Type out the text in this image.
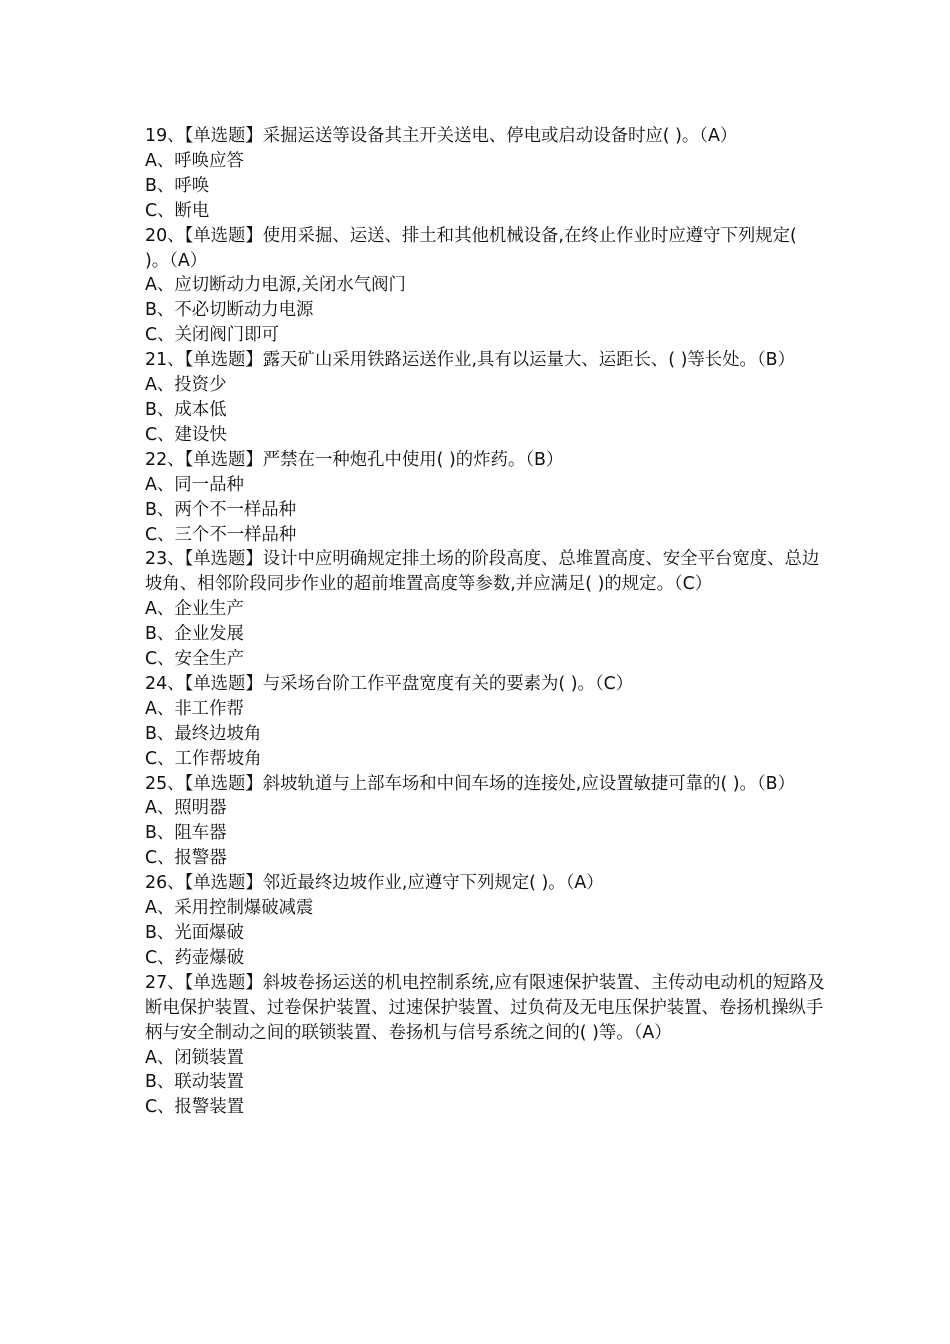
19、【单选题】采掘运送等设备其主开关送电、停电或启动设备时应( )。（A）

A、呼唤应答

B、呼唤

C、断电

20、【单选题】使用采掘、运送、排土和其他机械设备,在终止作业时应遵守下列规定( )。（A）

A、应切断动力电源,关闭水气阀门

B、不必切断动力电源

C、关闭阀门即可

21、【单选题】露天矿山采用铁路运送作业,具有以运量大、运距长、( )等长处。（B）

A、投资少

B、成本低

C、建设快

22、【单选题】严禁在一种炮孔中使用( )的炸药。（B）

A、同一品种

B、两个不一样品种

C、三个不一样品种

23、【单选题】设计中应明确规定排土场的阶段高度、总堆置高度、安全平台宽度、总边坡角、相邻阶段同步作业的超前堆置高度等参数,并应满足( )的规定。（C）

A、企业生产

B、企业发展

C、安全生产

24、【单选题】与采场台阶工作平盘宽度有关的要素为( )。（C）

A、非工作帮

B、最终边坡角

C、工作帮坡角

25、【单选题】斜坡轨道与上部车场和中间车场的连接处,应设置敏捷可靠的( )。（B）

A、照明器

B、阻车器

C、报警器

26、【单选题】邻近最终边坡作业,应遵守下列规定( )。（A）

A、采用控制爆破减震

B、光面爆破

C、药壶爆破

27、【单选题】斜坡卷扬运送的机电控制系统,应有限速保护装置、主传动电动机的短路及断电保护装置、过卷保护装置、过速保护装置、过负荷及无电压保护装置、卷扬机操纵手柄与安全制动之间的联锁装置、卷扬机与信号系统之间的( )等。（A）

A、闭锁装置

B、联动装置

C、报警装置
